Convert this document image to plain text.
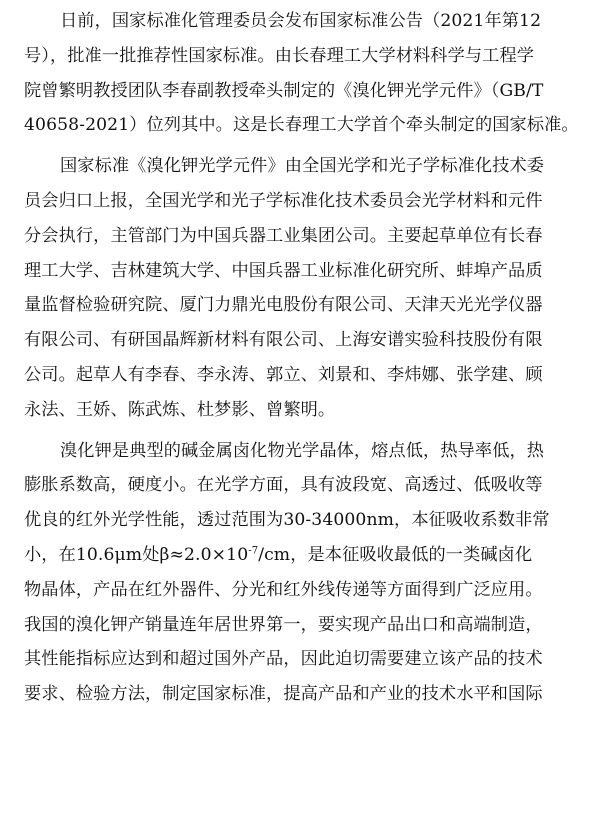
日前，国家标准化管理委员会发布国家标准公告（2021年第12
号），批准一批推荐性国家标准。由长春理工大学材料科学与工程学
院曾繁明教授团队李春副教授牵头制定的《溴化钾光学元件》（GB/T
40658-2021）位列其中。这是长春理工大学首个牵头制定的国家标准。
国家标准《溴化钾光学元件》由全国光学和光子学标准化技术委
员会归口上报，全国光学和光子学标准化技术委员会光学材料和元件
分会执行，主管部门为中国兵器工业集团公司。主要起草单位有长春
理工大学、吉林建筑大学、中国兵器工业标准化研究所、蚌埠产品质
量监督检验研究院、厦门力鼎光电股份有限公司、天津天光光学仪器
有限公司、有研国晶辉新材料有限公司、上海安谱实验科技股份有限
公司。起草人有李春、李永涛、郭立、刘景和、李炜娜、张学建、顾
永法、王娇、陈武炼、杜梦影、曾繁明。
溴化钾是典型的碱金属卤化物光学晶体，熔点低，热导率低，热
膨胀系数高，硬度小。在光学方面，具有波段宽、高透过、低吸收等
优良的红外光学性能，透过范围为30-34000nm，本征吸收系数非常
小，在10.6μm处$\beta\approx 2.0\times 10^{-7}/cm$，是本征吸收最低的一类碱卤化
物晶体，产品在红外器件、分光和红外线传递等方面得到广泛应用。
我国的溴化钾产销量连年居世界第一，要实现产品出口和高端制造，
其性能指标应达到和超过国外产品，因此迫切需要建立该产品的技术
要求、检验方法，制定国家标准，提高产品和产业的技术水平和国际
